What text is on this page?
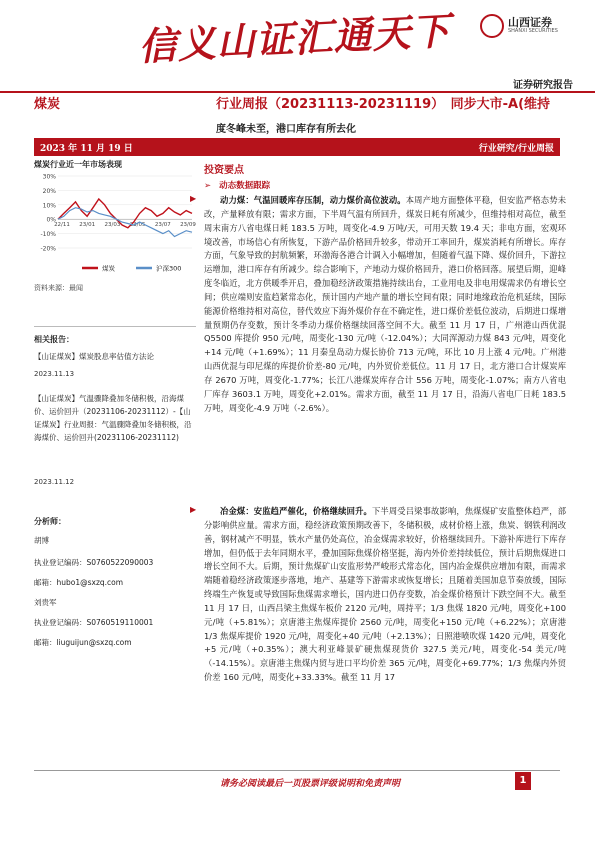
信义山证汇通天下	山西证券
SHANXI SECURITIES
证券研究报告
煤炭	行业周报（20231113-20231119）　同步大市-A(维持
度冬峰未至，港口库存有所去化
2023 年 11 月 19 日	行业研究/行业周报
煤炭行业近一年市场表现
30%
20%
10%
0%
-10%
-20%
22/11 23/01 23/03 23/05 23/07 23/09
煤炭	沪深300
资料来源：最闻
相关报告：
【山证煤炭】煤炭股息率估值方法论
2023.11.13
【山证煤炭】气温骤降叠加冬储积极，沿海煤价、运价回升（20231106-20231112）-【山证煤炭】行业周报：气温骤降叠加冬储积极，沿海煤价、运价回升(20231106-20231112)
2023.11.12
分析师：
胡博
执业登记编码：S0760522090003
邮箱：hubo1@sxzq.com
刘贵军
执业登记编码：S0760519110001
邮箱：liuguijun@sxzq.com
投资要点
➢ 动态数据跟踪
▶	动力煤：气温回暖库存压制，动力煤价高位波动。本周产地方面整体平稳，但安监严格态势未改，产量释放有限；需求方面，下半周气温有所回升，煤炭日耗有所减少，但维持相对高位，截至周末南方八省电煤日耗 183.5 万吨，周变化-4.9 万吨/天，可用天数 19.4 天；非电方面，宏观环境改善，市场信心有所恢复，下游产品价格回升较多，带动开工率回升，煤炭消耗有所增长。库存方面，气象导致的封航频繁，环渤海各港合计调入小幅增加，但随着气温下降、煤价回升，下游拉运增加，港口库存有所减少。综合影响下，产地动力煤价格回升，港口价格回落。展望后期，迎峰度冬临近，北方供暖季开启，叠加稳经济政策措施持续出台，工业用电及非电用煤需求仍有增长空间；供应端则安监趋紧常态化，预计国内产地产量的增长空间有限；同时地缘政治危机延续，国际能源价格维持相对高位，替代效应下海外煤价存在不确定性，进口煤价差低位波动，后期进口煤增量预期仍存变数，预计冬季动力煤价格继续回落空间不大。截至 11 月 17 日，广州港山西优混 Q5500 库提价 950 元/吨，周变化-130 元/吨（-12.04%）；大同浑源动力煤 843 元/吨，周变化+14 元/吨（+1.69%）；11 月秦皇岛动力煤长协价 713 元/吨，环比 10 月上涨 4 元/吨。广州港山西优混与印尼煤的库提价价差-80 元/吨，内外贸价差低位。11 月 17 日，北方港口合计煤炭库存 2670 万吨，周变化-1.77%；长江八港煤炭库存合计 556 万吨，周变化-1.07%；南方八省电厂库存 3603.1 万吨，周变化+2.01%。需求方面，截至 11 月 17 日，沿海八省电厂日耗 183.5 万吨，周变化-4.9 万吨（-2.6%）。

▶	冶金煤：安监趋严催化，价格继续回升。下半周受吕梁事故影响，焦煤煤矿安监整体趋严，部分影响供应量。需求方面，稳经济政策预期改善下，冬储积极，成材价格上涨，焦炭、钢铁利润改善，钢材减产不明显，铁水产量仍处高位，冶金煤需求较好，价格继续回升。下游补库进行下库存增加，但仍低于去年同期水平，叠加国际焦煤价格坚挺，海内外价差持续低位，预计后期焦煤进口增长空间不大。后期，预计焦煤矿山安监形势严峻形式常态化，国内冶金煤供应增加有限，而需求端随着稳经济政策逐步落地，地产、基建等下游需求或恢复增长；且随着美国加息节奏放缓，国际终端生产恢复或导致国际焦煤需求增长，国内进口仍存变数，冶金煤价格预计下跌空间不大。截至 11 月 17 日，山西吕梁主焦煤车板价 2120 元/吨，周持平；1/3 焦煤 1820 元/吨，周变化+100 元/吨（+5.81%）；京唐港主焦煤库提价 2560 元/吨，周变化+150 元/吨（+6.22%）；京唐港 1/3 焦煤库提价 1920 元/吨，周变化+40 元/吨（+2.13%）；日照港喷吹煤 1420 元/吨，周变化+5 元/吨（+0.35%）；澳大利亚峰景矿硬焦煤现货价 327.5 美元/吨，周变化-54 美元/吨（-14.15%）。京唐港主焦煤内贸与进口平均价差 365 元/吨，周变化+69.77%；1/3 焦煤内外贸价差 160 元/吨，周变化+33.33%。截至 11 月 17

请务必阅读最后一页股票评级说明和免责声明	1
